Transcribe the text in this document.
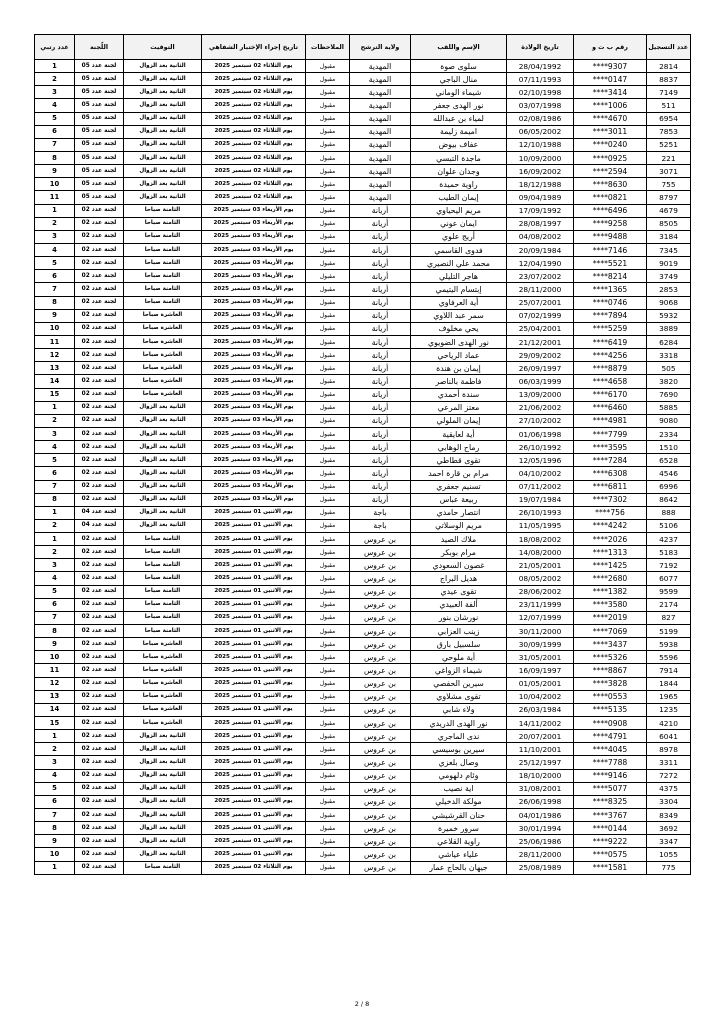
عدد التسجيل	رقم ب ت و	تاريخ الولادة	الإسم واللقب	ولاية الترشح	الملاحظات	تاريخ إجراء الإختبار الشفاهي	التوقيت	اللّجنة	عدد رتبي
2814	****9307	28/04/1992	سلوى صوة	المهدية	مقبول	يوم الثلاثاء 02 سبتمبر 2025	الثانية بعد الزوال	لجنة عدد 05	1
8837	****0147	07/11/1993	منال الباجي	المهدية	مقبول	يوم الثلاثاء 02 سبتمبر 2025	الثانية بعد الزوال	لجنة عدد 05	2
7149	****3414	02/10/1998	شيماء الوماني	المهدية	مقبول	يوم الثلاثاء 02 سبتمبر 2025	الثانية بعد الزوال	لجنة عدد 05	3
511	****1006	03/07/1998	نور الهدى جعفر	المهدية	مقبول	يوم الثلاثاء 02 سبتمبر 2025	الثانية بعد الزوال	لجنة عدد 05	4
6954	****4670	02/08/1986	لمياء بن عبدالله	المهدية	مقبول	يوم الثلاثاء 02 سبتمبر 2025	الثانية بعد الزوال	لجنة عدد 05	5
7853	****3011	06/05/2002	اميمة زليمة	المهدية	مقبول	يوم الثلاثاء 02 سبتمبر 2025	الثانية بعد الزوال	لجنة عدد 05	6
5251	****0240	12/10/1988	عفاف بيوض	المهدية	مقبول	يوم الثلاثاء 02 سبتمبر 2025	الثانية بعد الزوال	لجنة عدد 05	7
221	****0925	10/09/2000	ماجدة التبسي	المهدية	مقبول	يوم الثلاثاء 02 سبتمبر 2025	الثانية بعد الزوال	لجنة عدد 05	8
3071	****2594	16/09/2002	وجدان علوان	المهدية	مقبول	يوم الثلاثاء 02 سبتمبر 2025	الثانية بعد الزوال	لجنة عدد 05	9
755	****8630	18/12/1988	راوية حميدة	المهدية	مقبول	يوم الثلاثاء 02 سبتمبر 2025	الثانية بعد الزوال	لجنة عدد 05	10
8797	****0821	09/04/1989	إيمان الطيب	المهدية	مقبول	يوم الثلاثاء 02 سبتمبر 2025	الثانية بعد الزوال	لجنة عدد 05	11
4679	****6496	17/09/1992	مريم اليحياوي	أريانة	مقبول	يوم الأربعاء 03 سبتمبر 2025	الثامنة صباحا	لجنة عدد 02	1
8505	****9258	28/08/1997	ايمان عوني	أريانة	مقبول	يوم الأربعاء 03 سبتمبر 2025	الثامنة صباحا	لجنة عدد 02	2
3184	****9488	04/08/2002	أريج علوي	أريانة	مقبول	يوم الأربعاء 03 سبتمبر 2025	الثامنة صباحا	لجنة عدد 02	3
7345	****7146	20/09/1984	فدوى القاسمي	أريانة	مقبول	يوم الأربعاء 03 سبتمبر 2025	الثامنة صباحا	لجنة عدد 02	4
9019	****5521	12/04/1990	محمد علي النصيري	أريانة	مقبول	يوم الأربعاء 03 سبتمبر 2025	الثامنة صباحا	لجنة عدد 02	5
3749	****8214	23/07/2002	هاجر التليلي	أريانة	مقبول	يوم الأربعاء 03 سبتمبر 2025	الثامنة صباحا	لجنة عدد 02	6
2853	****1365	28/11/2000	إبتسام اليتيمي	أريانة	مقبول	يوم الأربعاء 03 سبتمبر 2025	الثامنة صباحا	لجنة عدد 02	7
9068	****0746	25/07/2001	أية العرفاوي	أريانة	مقبول	يوم الأربعاء 03 سبتمبر 2025	الثامنة صباحا	لجنة عدد 02	8
5932	****7894	07/02/1999	سمر عبد اللاوي	أريانة	مقبول	يوم الأربعاء 03 سبتمبر 2025	العاشرة صباحا	لجنة عدد 02	9
3889	****5259	25/04/2001	يحي مخلوف	أريانة	مقبول	يوم الأربعاء 03 سبتمبر 2025	العاشرة صباحا	لجنة عدد 02	10
6284	****6419	21/12/2001	نور الهدى الضويوي	أريانة	مقبول	يوم الأربعاء 03 سبتمبر 2025	العاشرة صباحا	لجنة عدد 02	11
3318	****4256	29/09/2002	عماد الرياحي	أريانة	مقبول	يوم الأربعاء 03 سبتمبر 2025	العاشرة صباحا	لجنة عدد 02	12
505	****8879	26/09/1997	إيمان بن هندة	أريانة	مقبول	يوم الأربعاء 03 سبتمبر 2025	العاشرة صباحا	لجنة عدد 02	13
3820	****4658	06/03/1999	فاطمة بالناصر	أريانة	مقبول	يوم الأربعاء 03 سبتمبر 2025	العاشرة صباحا	لجنة عدد 02	14
7690	****6170	13/09/2000	سندة أحمدي	أريانة	مقبول	يوم الأربعاء 03 سبتمبر 2025	العاشرة صباحا	لجنة عدد 02	15
5885	****6460	21/06/2002	معتز المرعي	أريانة	مقبول	يوم الأربعاء 03 سبتمبر 2025	الثانية بعد الزوال	لجنة عدد 02	1
9080	****4981	27/10/2002	إيمان الملولي	أريانة	مقبول	يوم الأربعاء 03 سبتمبر 2025	الثانية بعد الزوال	لجنة عدد 02	2
2334	****7799	01/06/1998	أية لعايقية	أريانة	مقبول	يوم الأربعاء 03 سبتمبر 2025	الثانية بعد الزوال	لجنة عدد 02	3
1510	****3595	26/10/1992	رماح الوهابي	أريانة	مقبول	يوم الأربعاء 03 سبتمبر 2025	الثانية بعد الزوال	لجنة عدد 02	4
6528	****7284	12/05/1996	تقوى قطاطي	أريانة	مقبول	يوم الأربعاء 03 سبتمبر 2025	الثانية بعد الزوال	لجنة عدد 02	5
4546	****6308	04/10/2002	مرام بن قارة احمد	أريانة	مقبول	يوم الأربعاء 03 سبتمبر 2025	الثانية بعد الزوال	لجنة عدد 02	6
6996	****6811	07/11/2002	تسنيم جعفري	أريانة	مقبول	يوم الأربعاء 03 سبتمبر 2025	الثانية بعد الزوال	لجنة عدد 02	7
8642	****7302	19/07/1984	ربيعة عباس	أريانة	مقبول	يوم الأربعاء 03 سبتمبر 2025	الثانية بعد الزوال	لجنة عدد 02	8
888	****756	26/10/1993	انتصار حامدي	باجة	مقبول	يوم الاثنين 01 سبتمبر 2025	الثانية بعد الزوال	لجنة عدد 04	1
5106	****4242	11/05/1995	مريم الوسلاتي	باجة	مقبول	يوم الاثنين 01 سبتمبر 2025	الثانية بعد الزوال	لجنة عدد 04	2
4237	****2026	18/08/2002	ملاك الصيد	بن عروس	مقبول	يوم الاثنين 01 سبتمبر 2025	الثامنة صباحا	لجنة عدد 02	1
5183	****1313	14/08/2000	مرام بوبكر	بن عروس	مقبول	يوم الاثنين 01 سبتمبر 2025	الثامنة صباحا	لجنة عدد 02	2
7192	****1425	21/05/2001	غصون السعودي	بن عروس	مقبول	يوم الاثنين 01 سبتمبر 2025	الثامنة صباحا	لجنة عدد 02	3
6077	****2680	08/05/2002	هديل البراج	بن عروس	مقبول	يوم الاثنين 01 سبتمبر 2025	الثامنة صباحا	لجنة عدد 02	4
9599	****1382	28/06/2002	تقوى عيدي	بن عروس	مقبول	يوم الاثنين 01 سبتمبر 2025	الثامنة صباحا	لجنة عدد 02	5
2174	****3580	23/11/1999	ألفة العبيدي	بن عروس	مقبول	يوم الاثنين 01 سبتمبر 2025	الثامنة صباحا	لجنة عدد 02	6
827	****2019	12/07/1999	نورشان بنور	بن عروس	مقبول	يوم الاثنين 01 سبتمبر 2025	الثامنة صباحا	لجنة عدد 02	7
5199	****7069	30/11/2000	زينب العزابي	بن عروس	مقبول	يوم الاثنين 01 سبتمبر 2025	الثامنة صباحا	لجنة عدد 02	8
5938	****3437	30/09/1999	سلسبيل بارق	بن عروس	مقبول	يوم الاثنين 01 سبتمبر 2025	العاشرة صباحا	لجنة عدد 02	9
5596	****5326	31/05/2001	أية ملوحي	بن عروس	مقبول	يوم الاثنين 01 سبتمبر 2025	العاشرة صباحا	لجنة عدد 02	10
7914	****8867	16/09/1997	شيماء الزواغي	بن عروس	مقبول	يوم الاثنين 01 سبتمبر 2025	العاشرة صباحا	لجنة عدد 02	11
1844	****3828	01/05/2001	سيرين الحفصي	بن عروس	مقبول	يوم الاثنين 01 سبتمبر 2025	العاشرة صباحا	لجنة عدد 02	12
1965	****0553	10/04/2002	تقوى مشلاوي	بن عروس	مقبول	يوم الاثنين 01 سبتمبر 2025	العاشرة صباحا	لجنة عدد 02	13
1235	****5135	26/03/1984	ولاء شابي	بن عروس	مقبول	يوم الاثنين 01 سبتمبر 2025	العاشرة صباحا	لجنة عدد 02	14
4210	****0908	14/11/2002	نور الهدى الدريدي	بن عروس	مقبول	يوم الاثنين 01 سبتمبر 2025	العاشرة صباحا	لجنة عدد 02	15
6041	****4791	20/07/2001	ندى الماجري	بن عروس	مقبول	يوم الاثنين 01 سبتمبر 2025	الثانية بعد الزوال	لجنة عدد 02	1
8978	****4045	11/10/2001	سيرين بوسيسي	بن عروس	مقبول	يوم الاثنين 01 سبتمبر 2025	الثانية بعد الزوال	لجنة عدد 02	2
3311	****7788	25/12/1997	وصال بلعزي	بن عروس	مقبول	يوم الاثنين 01 سبتمبر 2025	الثانية بعد الزوال	لجنة عدد 02	3
7272	****9146	18/10/2000	وئام دلهومي	بن عروس	مقبول	يوم الاثنين 01 سبتمبر 2025	الثانية بعد الزوال	لجنة عدد 02	4
4375	****5077	31/08/2001	اية نصيب	بن عروس	مقبول	يوم الاثنين 01 سبتمبر 2025	الثانية بعد الزوال	لجنة عدد 02	5
3304	****8325	26/06/1998	مولكة الدخيلي	بن عروس	مقبول	يوم الاثنين 01 سبتمبر 2025	الثانية بعد الزوال	لجنة عدد 02	6
8349	****3767	04/01/1986	حنان القرشيشي	بن عروس	مقبول	يوم الاثنين 01 سبتمبر 2025	الثانية بعد الزوال	لجنة عدد 02	7
3692	****0144	30/01/1994	سرور خميرة	بن عروس	مقبول	يوم الاثنين 01 سبتمبر 2025	الثانية بعد الزوال	لجنة عدد 02	8
3347	****9222	25/06/1986	راوية القلاعي	بن عروس	مقبول	يوم الاثنين 01 سبتمبر 2025	الثانية بعد الزوال	لجنة عدد 02	9
1055	****0575	28/11/2000	علياء عياشي	بن عروس	مقبول	يوم الاثنين 01 سبتمبر 2025	الثانية بعد الزوال	لجنة عدد 02	10
775	****1581	25/08/1989	جيهان بالحاج عمار	بن عروس	مقبول	يوم الثلاثاء 02 سبتمبر 2025	الثامنة صباحا	لجنة عدد 02	1
2 / 8
